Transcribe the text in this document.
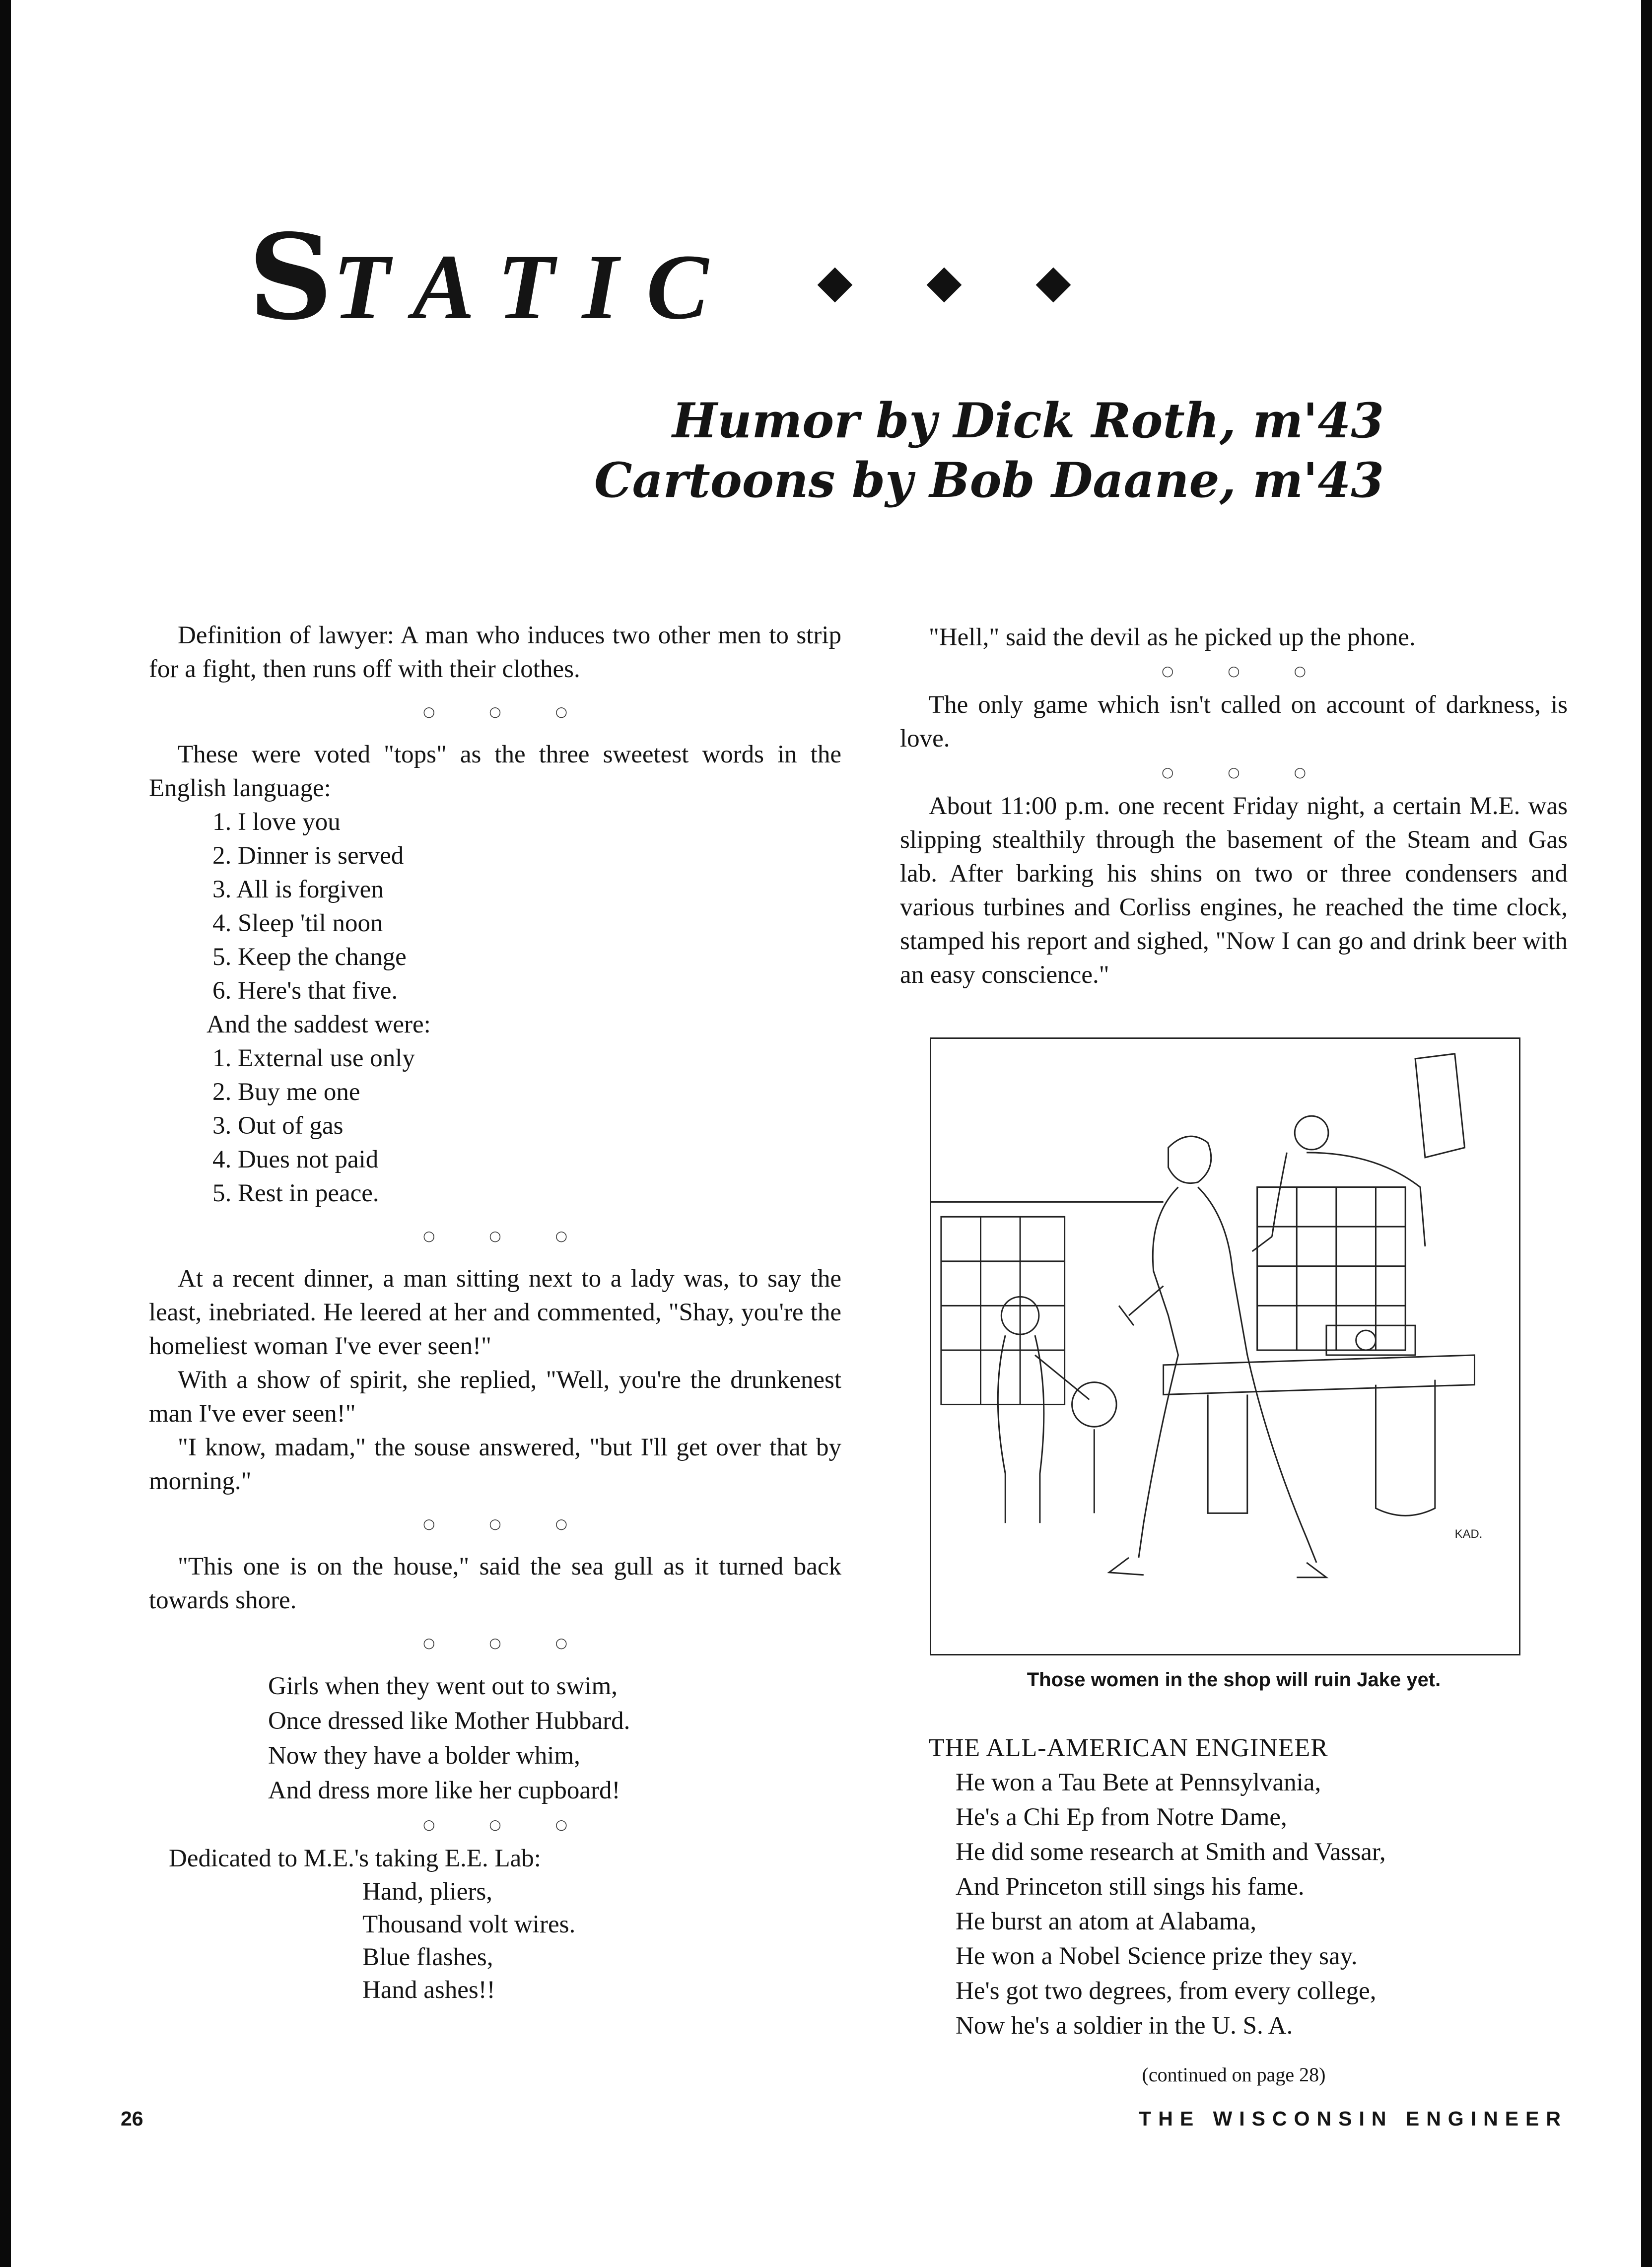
STATIC
Humor by Dick Roth, m'43
Cartoons by Bob Daane, m'43

Definition of lawyer: A man who induces two other men to strip for a fight, then runs off with their clothes.

○ ○ ○

These were voted "tops" as the three sweetest words in the English language:

1. I love you
2. Dinner is served
3. All is forgiven
4. Sleep 'til noon
5. Keep the change
6. Here's that five.

And the saddest were:

1. External use only
2. Buy me one
3. Out of gas
4. Dues not paid
5. Rest in peace.
○ ○ ○

At a recent dinner, a man sitting next to a lady was, to say the least, inebriated. He leered at her and commented, "Shay, you're the homeliest woman I've ever seen!"

With a show of spirit, she replied, "Well, you're the drunkenest man I've ever seen!"

"I know, madam," the souse answered, "but I'll get over that by morning."

○ ○ ○

"This one is on the house," said the sea gull as it turned back towards shore.

○ ○ ○
Girls when they went out to swim,
Once dressed like Mother Hubbard.
Now they have a bolder whim,
And dress more like her cupboard!
○ ○ ○

Dedicated to M.E.'s taking E.E. Lab:

Hand, pliers,
Thousand volt wires.
Blue flashes,
Hand ashes!!

"Hell," said the devil as he picked up the phone.

○ ○ ○

The only game which isn't called on account of darkness, is love.

○ ○ ○

About 11:00 p.m. one recent Friday night, a certain M.E. was slipping stealthily through the basement of the Steam and Gas lab. After barking his shins on two or three condensers and various turbines and Corliss engines, he reached the time clock, stamped his report and sighed, "Now I can go and drink beer with an easy conscience."

KAD.
Those women in the shop will ruin Jake yet.

THE ALL-AMERICAN ENGINEER

He won a Tau Bete at Pennsylvania,
He's a Chi Ep from Notre Dame,
He did some research at Smith and Vassar,
And Princeton still sings his fame.
He burst an atom at Alabama,
He won a Nobel Science prize they say.
He's got two degrees, from every college,
Now he's a soldier in the U. S. A.
(continued on page 28)
26	THE WISCONSIN ENGINEER
